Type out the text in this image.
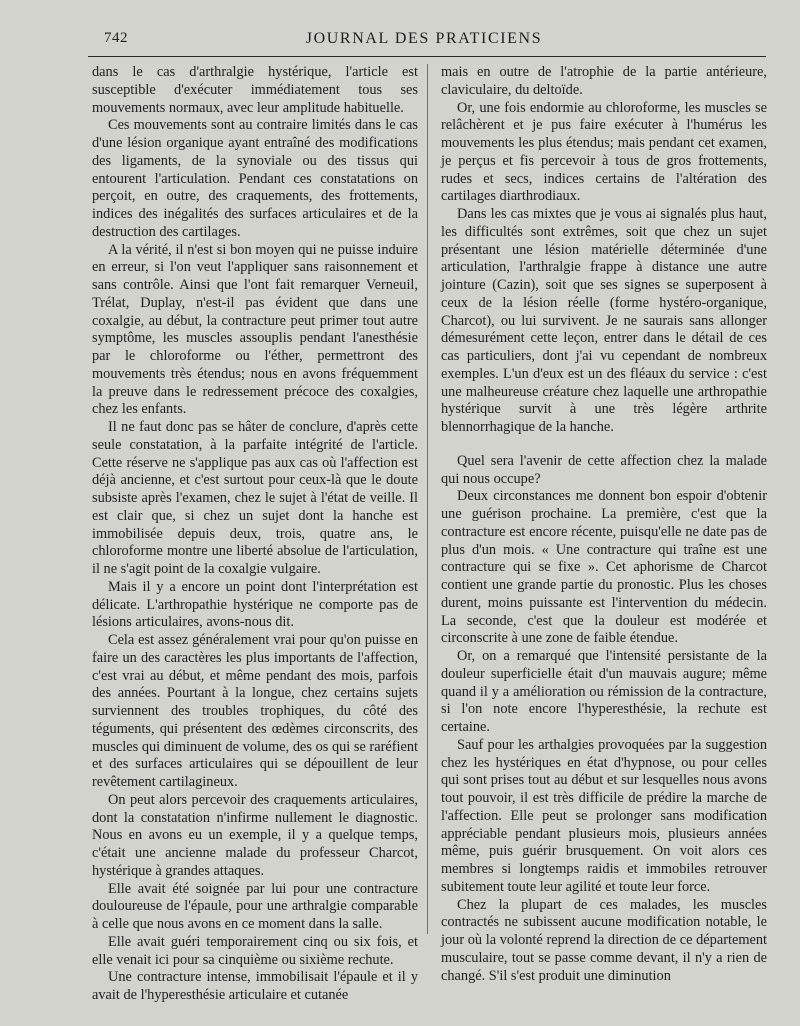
742	JOURNAL DES PRATICIENS

dans le cas d'arthralgie hystérique, l'article est susceptible d'exécuter immédiatement tous ses mouvements normaux, avec leur amplitude habituelle.

Ces mouvements sont au contraire limités dans le cas d'une lésion organique ayant entraîné des modifications des ligaments, de la synoviale ou des tissus qui entourent l'articulation. Pendant ces constatations on perçoit, en outre, des craquements, des frottements, indices des inégalités des surfaces articulaires et de la destruction des cartilages.

A la vérité, il n'est si bon moyen qui ne puisse induire en erreur, si l'on veut l'appliquer sans raisonnement et sans contrôle. Ainsi que l'ont fait remarquer Verneuil, Trélat, Duplay, n'est-il pas évident que dans une coxalgie, au début, la contracture peut primer tout autre symptôme, les muscles assouplis pendant l'anesthésie par le chloroforme ou l'éther, permettront des mouvements très étendus; nous en avons fréquemment la preuve dans le redressement précoce des coxalgies, chez les enfants.

Il ne faut donc pas se hâter de conclure, d'après cette seule constatation, à la parfaite intégrité de l'article. Cette réserve ne s'applique pas aux cas où l'affection est déjà ancienne, et c'est surtout pour ceux-là que le doute subsiste après l'examen, chez le sujet à l'état de veille. Il est clair que, si chez un sujet dont la hanche est immobilisée depuis deux, trois, quatre ans, le chloroforme montre une liberté absolue de l'articulation, il ne s'agit point de la coxalgie vulgaire.

Mais il y a encore un point dont l'interprétation est délicate. L'arthropathie hystérique ne comporte pas de lésions articulaires, avons-nous dit.

Cela est assez généralement vrai pour qu'on puisse en faire un des caractères les plus importants de l'affection, c'est vrai au début, et même pendant des mois, parfois des années. Pourtant à la longue, chez certains sujets surviennent des troubles trophiques, du côté des téguments, qui présentent des œdèmes circonscrits, des muscles qui diminuent de volume, des os qui se raréfient et des surfaces articulaires qui se dépouillent de leur revêtement cartilagineux.

On peut alors percevoir des craquements articulaires, dont la constatation n'infirme nullement le diagnostic. Nous en avons eu un exemple, il y a quelque temps, c'était une ancienne malade du professeur Charcot, hystérique à grandes attaques.

Elle avait été soignée par lui pour une contracture douloureuse de l'épaule, pour une arthralgie comparable à celle que nous avons en ce moment dans la salle.

Elle avait guéri temporairement cinq ou six fois, et elle venait ici pour sa cinquième ou sixième rechute.

Une contracture intense, immobilisait l'épaule et il y avait de l'hyperesthésie articulaire et cutanée

mais en outre de l'atrophie de la partie antérieure, claviculaire, du deltoïde.

Or, une fois endormie au chloroforme, les muscles se relâchèrent et je pus faire exécuter à l'humérus les mouvements les plus étendus; mais pendant cet examen, je perçus et fis percevoir à tous de gros frottements, rudes et secs, indices certains de l'altération des cartilages diarthrodiaux.

Dans les cas mixtes que je vous ai signalés plus haut, les difficultés sont extrêmes, soit que chez un sujet présentant une lésion matérielle déterminée d'une articulation, l'arthralgie frappe à distance une autre jointure (Cazin), soit que ses signes se superposent à ceux de la lésion réelle (forme hystéro-organique, Charcot), ou lui survivent. Je ne saurais sans allonger démesurément cette leçon, entrer dans le détail de ces cas particuliers, dont j'ai vu cependant de nombreux exemples. L'un d'eux est un des fléaux du service : c'est une malheureuse créature chez laquelle une arthropathie hystérique survit à une très légère arthrite blennorrhagique de la hanche.

Quel sera l'avenir de cette affection chez la malade qui nous occupe?

Deux circonstances me donnent bon espoir d'obtenir une guérison prochaine. La première, c'est que la contracture est encore récente, puisqu'elle ne date pas de plus d'un mois. « Une contracture qui traîne est une contracture qui se fixe ». Cet aphorisme de Charcot contient une grande partie du pronostic. Plus les choses durent, moins puissante est l'intervention du médecin. La seconde, c'est que la douleur est modérée et circonscrite à une zone de faible étendue.

Or, on a remarqué que l'intensité persistante de la douleur superficielle était d'un mauvais augure; même quand il y a amélioration ou rémission de la contracture, si l'on note encore l'hyperesthésie, la rechute est certaine.

Sauf pour les arthalgies provoquées par la suggestion chez les hystériques en état d'hypnose, ou pour celles qui sont prises tout au début et sur lesquelles nous avons tout pouvoir, il est très difficile de prédire la marche de l'affection. Elle peut se prolonger sans modification appréciable pendant plusieurs mois, plusieurs années même, puis guérir brusquement. On voit alors ces membres si longtemps raidis et immobiles retrouver subitement toute leur agilité et toute leur force.

Chez la plupart de ces malades, les muscles contractés ne subissent aucune modification notable, le jour où la volonté reprend la direction de ce département musculaire, tout se passe comme devant, il n'y a rien de changé. S'il s'est produit une diminution
